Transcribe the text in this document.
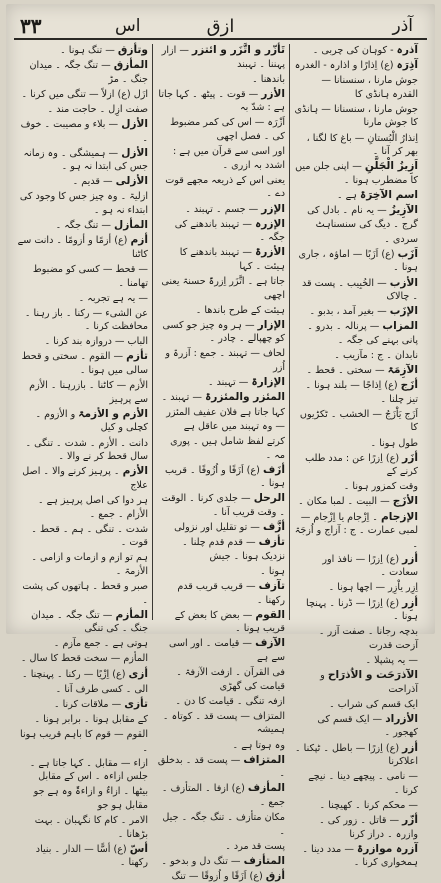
۳۳	اس	ازق	آذر

آذرہ - کوہان کی چربی ۔

آذِرَہ (ع) اِذارًا و اذارہ - الغدرہ

جوش مارنا ، سنسنانا — القدرہ ہانڈی کا

جوش مارنا ، سنسنانا — ہانڈی کا جوش مارنا

اِنذارُ الْبُستانِ — باغ کا لگنا ، بھر کر آنا ۔

اَزِیزُ الْجَلَّنِ — اپنی جلن میں کا مضطرب ہونا ۔

اسم الآخِرَۃ ہے ۔

الآزِیزُ — یہ نام ۔ بادل کی گرج ۔ دیگ کی سنسناہٹ

سردی ۔

اَزَب (ع) اَزَبًا — اماؤہ ، جاری ہونا ۔

الأزب — الخُبِیب ۔ پست قد ۔ چالاک

الإزَب — بغیر آمد ، بدبو ۔

المزاب — پرنالہ ۔ بدرو ۔ پانی بہنے کی جگہ ۔

نابدان ۔ ج : مآزیب ۔

الآزِمَۃ — سختی ۔ قحط ۔

أزَج (ع) اِذاجًا — بلند ہونا ۔ تیز چلنا ۔

اَزَج یَاْزَجُ — الخشب ۔ ٹکڑیوں کا

طول ہونا ۔

أزَر (ع) اِزرًا عن : مدد طلب کرنے کے

وقت کمزور ہونا ۔

الأزَج — البیت ۔ لمبا مکان ۔

الإزجام ۔ اِزْجام یا اِزْجام — لمبی عمارت ۔ ج : آزاج و اُزجَۃ ۔

أزر (ع) اِزرًا — نافذ اور سعادت ۔

اِزِر یاْزِر — اچھا ہونا ۔

أزِر (ع) اِزرًا — ڈرنا ۔ پہنچا ہونا ۔

بدچہ رجانا ۔ صفت آزر ۔ آزحت قدرت

— یہ پشپلا ۔

الآذرَحَت و الاُذرَاح و آذراحت

ایک قسم کی شراب ۔

الأزراد — ایک قسم کی کھجور ۔

أزر (ع) اِزرًا — باطل ۔ ٹپکنا ۔ اعلاکرنا

— نامی ۔ پیچھے دینا ۔ نیچے کرنا ۔

— محکم کرنا ۔ کھیچنا ۔

أزّر — قاتل ۔ زور کی ۔ وازرہ ۔ دراز کرنا

آزرہ موازرۃ — مدد دینا ۔ ہمخواری کرنا ۔

تَأزّر و اتَّزَر و ائتزر — ازار پہننا ۔ تہبند

باندھنا ۔

الأزر — قوت ۔ پیٹھ ۔ کہا جاتا ہے : شدّ بہ

اَزْرَہ — اس کی کمر مضبوط کی ۔ فصل اچھی

اور اسی سے قرآن میں ہے : اشدد بہ ازری ۔

یعنی اس کے ذریعہ مجھے قوت دے ۔

الإزر — جسم ۔ تہبند ۔

الإزرہ — تہبند باندھنے کی جگہ ۔

الأزرۃ — تہبند باندھنے کا ہیئت ۔ کہا

جاتا ہے ۔ اتَّزَر اِزرۃً حسنۃ یعنی اچھی

ہیئت کے طرح باندھا ۔

الإزار — ہر وہ چیز جو کسی کو چھپالے ۔ چادر ۔

لحاف — تہبند ۔ جمع : آزرۃ و اُزر

الإزارۃ — تہبند ۔

المئزر والمئزرۃ — تہبند ۔

کہا جاتا ہے فلان عفیف المئزر — وہ تہبند میں عاقل ہے

کرتے لفظ شامل ہیں ۔ پوری مہ ۔

أزَف (ع) اَزَفًا و اُزُوفًا ۔ قریب ہونا ۔

الرحل — جلدی کرنا ۔ الوقت ۔ وقت قریب آنا ۔

أزَّف — تو تقلیل اور نزولی

تأزف — قدم قدم چلنا ۔ نزدیک ہونا ۔ جیش

ہونا ۔

تآزف — قریب قریب قدم رکھنا ۔

القوم — بعض کا بعض کے قریب ہونا ۔

الآزف — قیامت ۔ اور اسی سے ہے

فی القرآن ۔ ازفت الآزفۃ ۔ قیامت کی گھڑی

ازفہ تنگی ۔ قیامت کا دن ۔

المتزاف — پست قد ۔ کوتاہ ۔ ہمیشہ

وہ ہوتا ہے ۔

المتزاف — پست قد ۔ بدخلق ۔

المأزف (ع) ازفا ۔ المتأزف ۔ جمع ۔

مکان متأزف ۔ تنگ جگہ ۔ جیل ۔

پست قد مرد ۔

المتأزف — تنگ دل و بدخو ۔

أزق (ع) اَزَقًا و اُزوقًا — تنگ

وتأزق — تنگ ہونا ۔

المأزق — تنگ جگہ ۔ میدان جنگ ۔ مڑ

ازَل (ع) ازلاً — تنگی میں کرنا ۔

صفت ازِل ۔ حاجت مند ۔

الأزل — بلاء و مصیبت ۔ خوف ۔

الأزل — ہمیشگی ۔ وہ زمانہ جس کی ابتدا نہ ہو ۔

الأزلی — قدیم ۔

ازلیۃ ۔ وہ چیز جس کا وجود کی ابتداء نہ ہو ۔

المأزل — تنگ جگہ ۔

أزم (ع) أزمًا و أزومًا ۔ دانت سے کاٹنا

— قحط — کسی کو مضبوط تھامنا ۔

— یہ ہے تجربہ ۔

عن الشیء — رکنا ۔ باز رہنا ۔ محافظت کرنا ۔

الباب — دروازہ بند کرنا ۔

تأزم — القوم ۔ سختی و قحط سالی میں ہونا ۔

الأزم — کاٹنا ۔ بازرہنا ۔ الأزم سے پرہیز

الأزم و الأزمۃ و الأزوم ۔ کچلی و کیل

دانت ۔ الأزم ۔ شدت ۔ تنگی ۔ سال قحط کر نے والا ۔

الأزم ۔ پرہیز کرنے والا ۔ اصل علاج

ہر دوا کی اصل پرہیز ہے ۔ الأزام ۔ جمع ۔

شدت ۔ تنگی ۔ ہم ۔ قحط ۔ قوت ۔

ہم تو ازم و ازمات و ازامی ۔ الأزمۃ ۔

صبر و قحط ۔ ہاتھوں کی پشت ۔

المأزم — تنگ جگہ ۔ میدان جنگ ۔ کی تنگی

ہوتی ہے ۔ جمع مآزم ۔

المأزم — سخت قحط کا سال ۔

أزی (ع) اِزْیًا — رکنا ۔ پہنچنا ۔

الی ۔ کسی طرف آنا ۔

تأزی — ملاقات کرنا ۔

کے مقابل ہونا ۔ برابر ہونا ۔

القوم — قوم کا باہم قریب ہونا ۔

ازاء — مقابل ۔ کہا جاتا ہے ۔ جلس ازاءہ ۔ اس کے مقابل

بیٹھا ۔ ازاءٌ و ازاءۃٌ وہ ہے جو مقابل ہو جو

الامر ۔ کام کا نگہبان ۔ بہت بڑھانا ۔

أسّ (ع) أسًّا — الدار ۔ بنیاد رکھنا ۔
